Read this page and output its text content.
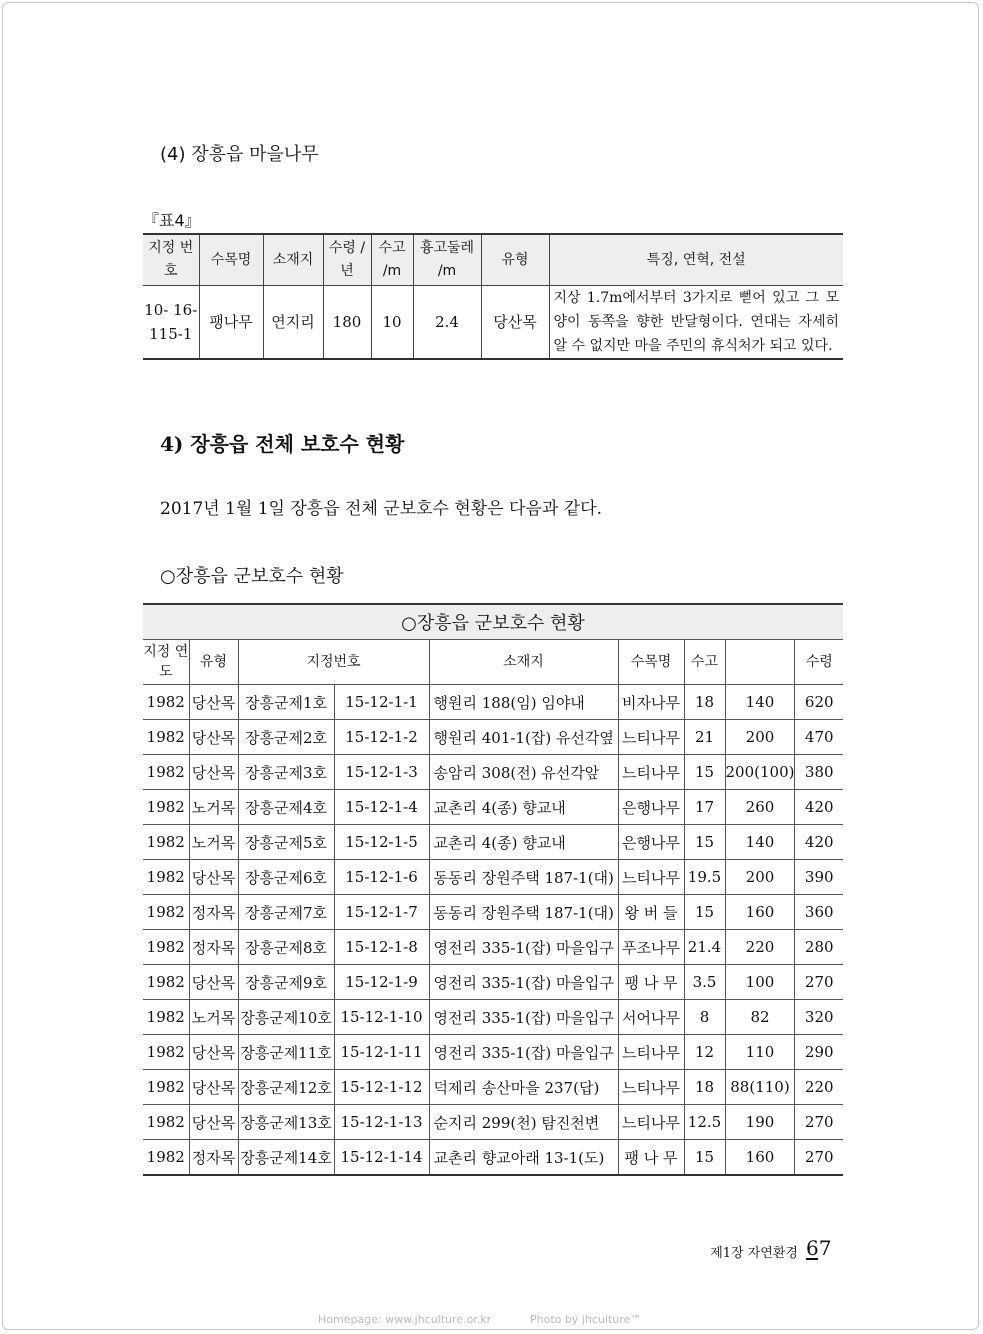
(4) 장흥읍 마을나무
『표4』
지정 번호	수목명	소재지	수령 /년	수고 /m	흉고둘레 /m	유형	특징, 연혁, 전설
10- 16- 115-1	팽나무	연지리	180	10	2.4	당산목	지상 1.7m에서부터 3가지로 뻗어 있고 그 모양이 동쪽을 향한 반달형이다. 연대는 자세히 알 수 없지만 마을 주민의 휴식처가 되고 있다.
4) 장흥읍 전체 보호수 현황
2017년 1월 1일 장흥읍 전체 군보호수 현황은 다음과 같다.
○장흥읍 군보호수 현황
○장흥읍 군보호수 현황								
지정 연도	유형	지정번호		소재지	수목명	수고		수령
1982	당산목	장흥군제1호	15-12-1-1	행원리 188(임) 임야내	비자나무	18	140	620
1982	당산목	장흥군제2호	15-12-1-2	행원리 401-1(잡) 유선각옆	느티나무	21	200	470
1982	당산목	장흥군제3호	15-12-1-3	송암리 308(전) 유선각앞	느티나무	15	200(100)	380
1982	노거목	장흥군제4호	15-12-1-4	교촌리 4(종) 향교내	은행나무	17	260	420
1982	노거목	장흥군제5호	15-12-1-5	교촌리 4(종) 향교내	은행나무	15	140	420
1982	당산목	장흥군제6호	15-12-1-6	동동리 장원주택 187-1(대)	느티나무	19.5	200	390
1982	정자목	장흥군제7호	15-12-1-7	동동리 장원주택 187-1(대)	왕 버 들	15	160	360
1982	정자목	장흥군제8호	15-12-1-8	영전리 335-1(잡) 마을입구	푸조나무	21.4	220	280
1982	당산목	장흥군제9호	15-12-1-9	영전리 335-1(잡) 마을입구	팽 나 무	3.5	100	270
1982	노거목	장흥군제10호	15-12-1-10	영전리 335-1(잡) 마을입구	서어나무	8	82	320
1982	당산목	장흥군제11호	15-12-1-11	영전리 335-1(잡) 마을입구	느티나무	12	110	290
1982	당산목	장흥군제12호	15-12-1-12	덕제리 송산마을 237(답)	느티나무	18	88(110)	220
1982	당산목	장흥군제13호	15-12-1-13	순지리 299(천) 탐진천변	느티나무	12.5	190	270
1982	정자목	장흥군제14호	15-12-1-14	교촌리 향교아래 13-1(도)	팽 나 무	15	160	270
제1장 자연환경 67
Homepage: www.jhculture.or.kr	Photo by jhculture™
